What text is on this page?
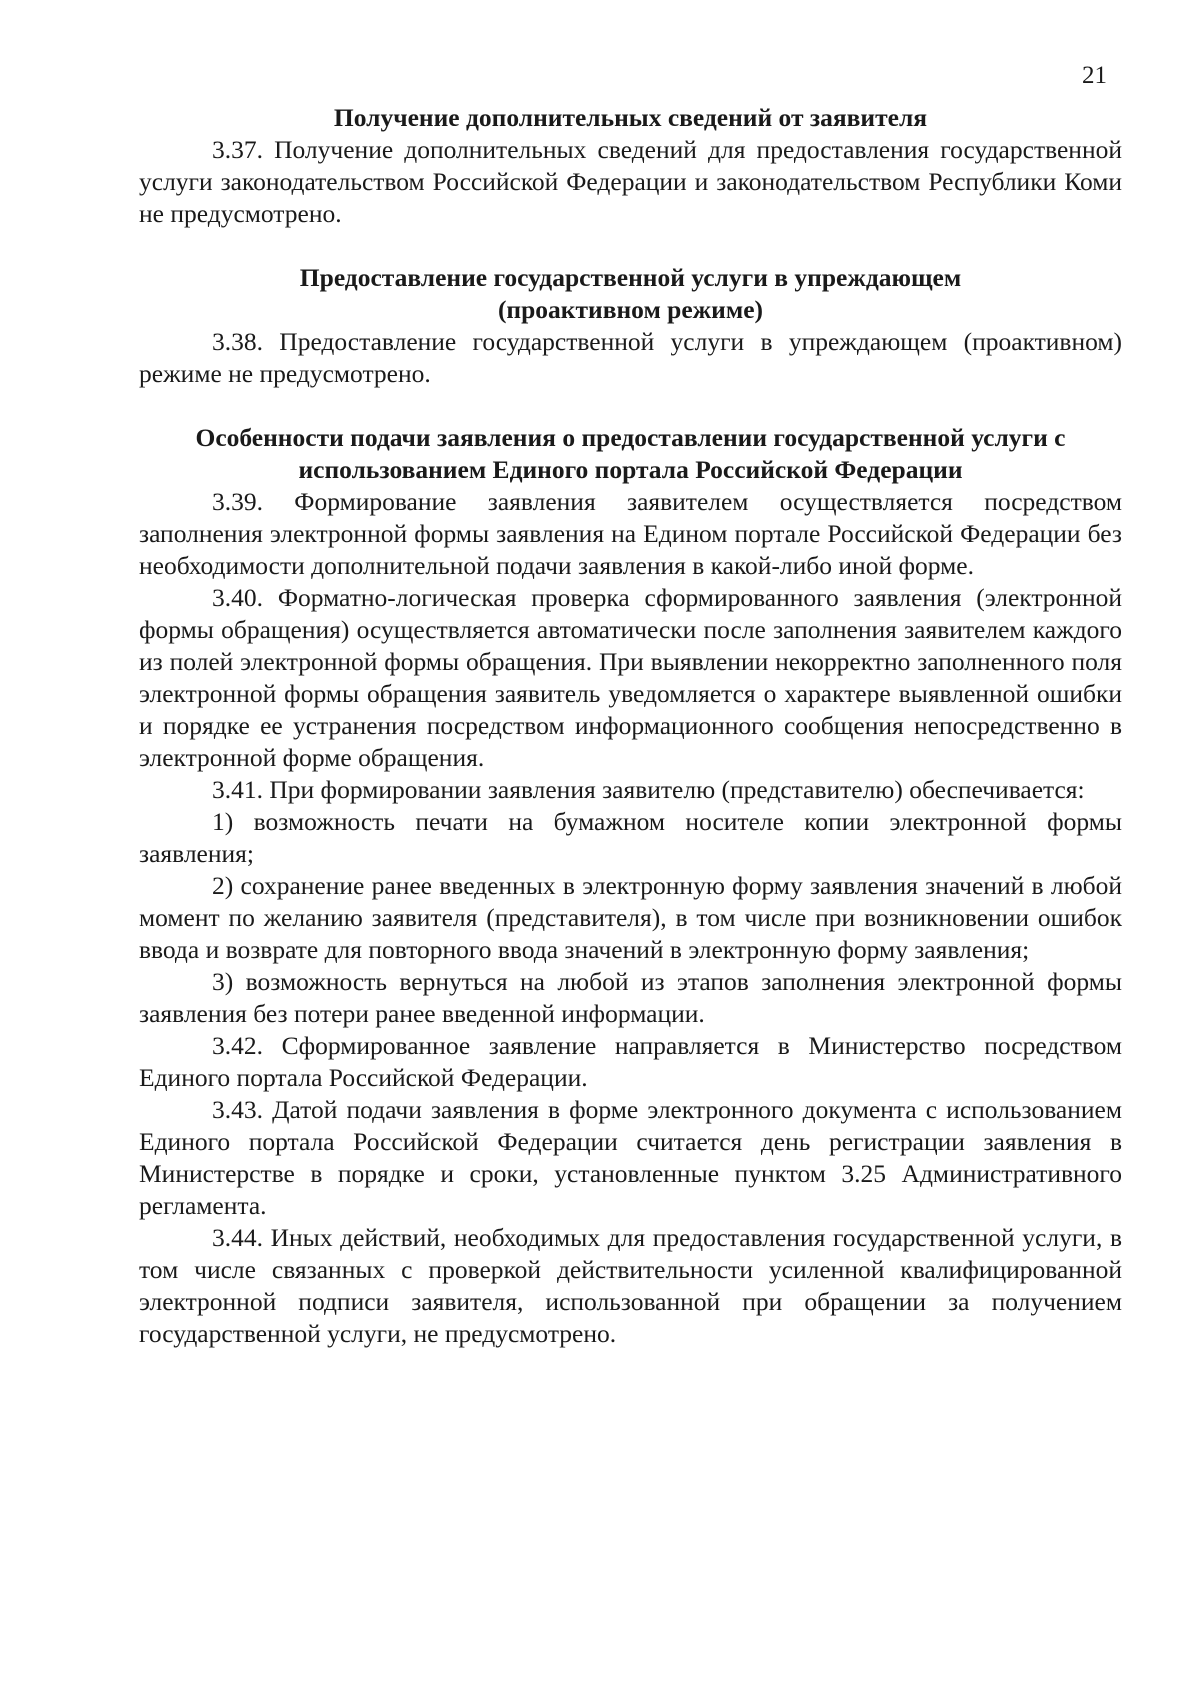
21

Получение дополнительных сведений от заявителя

3.37. Получение дополнительных сведений для предоставления государственной услуги законодательством Российской Федерации и законодательством Республики Коми не предусмотрено.

Предоставление государственной услуги в упреждающем
(проактивном режиме)

3.38. Предоставление государственной услуги в упреждающем (проактивном) режиме не предусмотрено.

Особенности подачи заявления о предоставлении государственной услуги с
использованием Единого портала Российской Федерации

3.39. Формирование заявления заявителем осуществляется посредством заполнения электронной формы заявления на Едином портале Российской Федерации без необходимости дополнительной подачи заявления в какой-либо иной форме.

3.40. Форматно-логическая проверка сформированного заявления (электронной формы обращения) осуществляется автоматически после заполнения заявителем каждого из полей электронной формы обращения. При выявлении некорректно заполненного поля электронной формы обращения заявитель уведомляется о характере выявленной ошибки и порядке ее устранения посредством информационного сообщения непосредственно в электронной форме обращения.

3.41. При формировании заявления заявителю (представителю) обеспечивается:

1) возможность печати на бумажном носителе копии электронной формы заявления;

2) сохранение ранее введенных в электронную форму заявления значений в любой момент по желанию заявителя (представителя), в том числе при возникновении ошибок ввода и возврате для повторного ввода значений в электронную форму заявления;

3) возможность вернуться на любой из этапов заполнения электронной формы заявления без потери ранее введенной информации.

3.42. Сформированное заявление направляется в Министерство посредством Единого портала Российской Федерации.

3.43. Датой подачи заявления в форме электронного документа с использованием Единого портала Российской Федерации считается день регистрации заявления в Министерстве в порядке и сроки, установленные пунктом 3.25 Административного регламента.

3.44. Иных действий, необходимых для предоставления государственной услуги, в том числе связанных с проверкой действительности усиленной квалифицированной электронной подписи заявителя, использованной при обращении за получением государственной услуги, не предусмотрено.
